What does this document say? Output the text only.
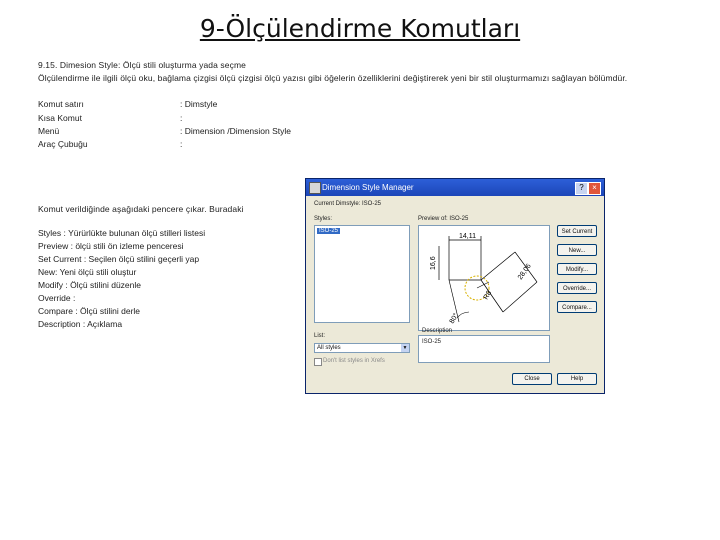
9-Ölçülendirme Komutları
9.15. Dimesion Style: Ölçü stili oluşturma yada seçme
Ölçülendirme ile ilgili ölçü oku, bağlama çizgisi ölçü çizgisi ölçü yazısı gibi öğelerin özelliklerini değiştirerek yeni bir stil oluşturmamızı sağlayan bölümdür.
Komut satırı	: Dimstyle
Kısa Komut	:
Menü	: Dimension /Dimension Style
Araç Çubuğu	:
Komut verildiğinde aşağıdaki pencere çıkar. Buradaki
Styles : Yürürlükte bulunan ölçü stilleri listesi
Preview : ölçü stili ön izleme penceresi
Set Current : Seçilen ölçü stilini geçerli yap
New: Yeni ölçü stili oluştur
Modify : Ölçü stilini düzenle
Override :
Compare : Ölçü stilini derle
Description : Açıklama
Dimension Style Manager	?	×
Current Dimstyle: ISO-25
Styles:
ISO-25
Preview of: ISO-25
14,11
16,6	28,06
R8
80°
List:
All styles	▼
Don't list styles in Xrefs
Description
ISO-25
Set Current
New...
Modify...
Override...
Compare...
Close	Help
